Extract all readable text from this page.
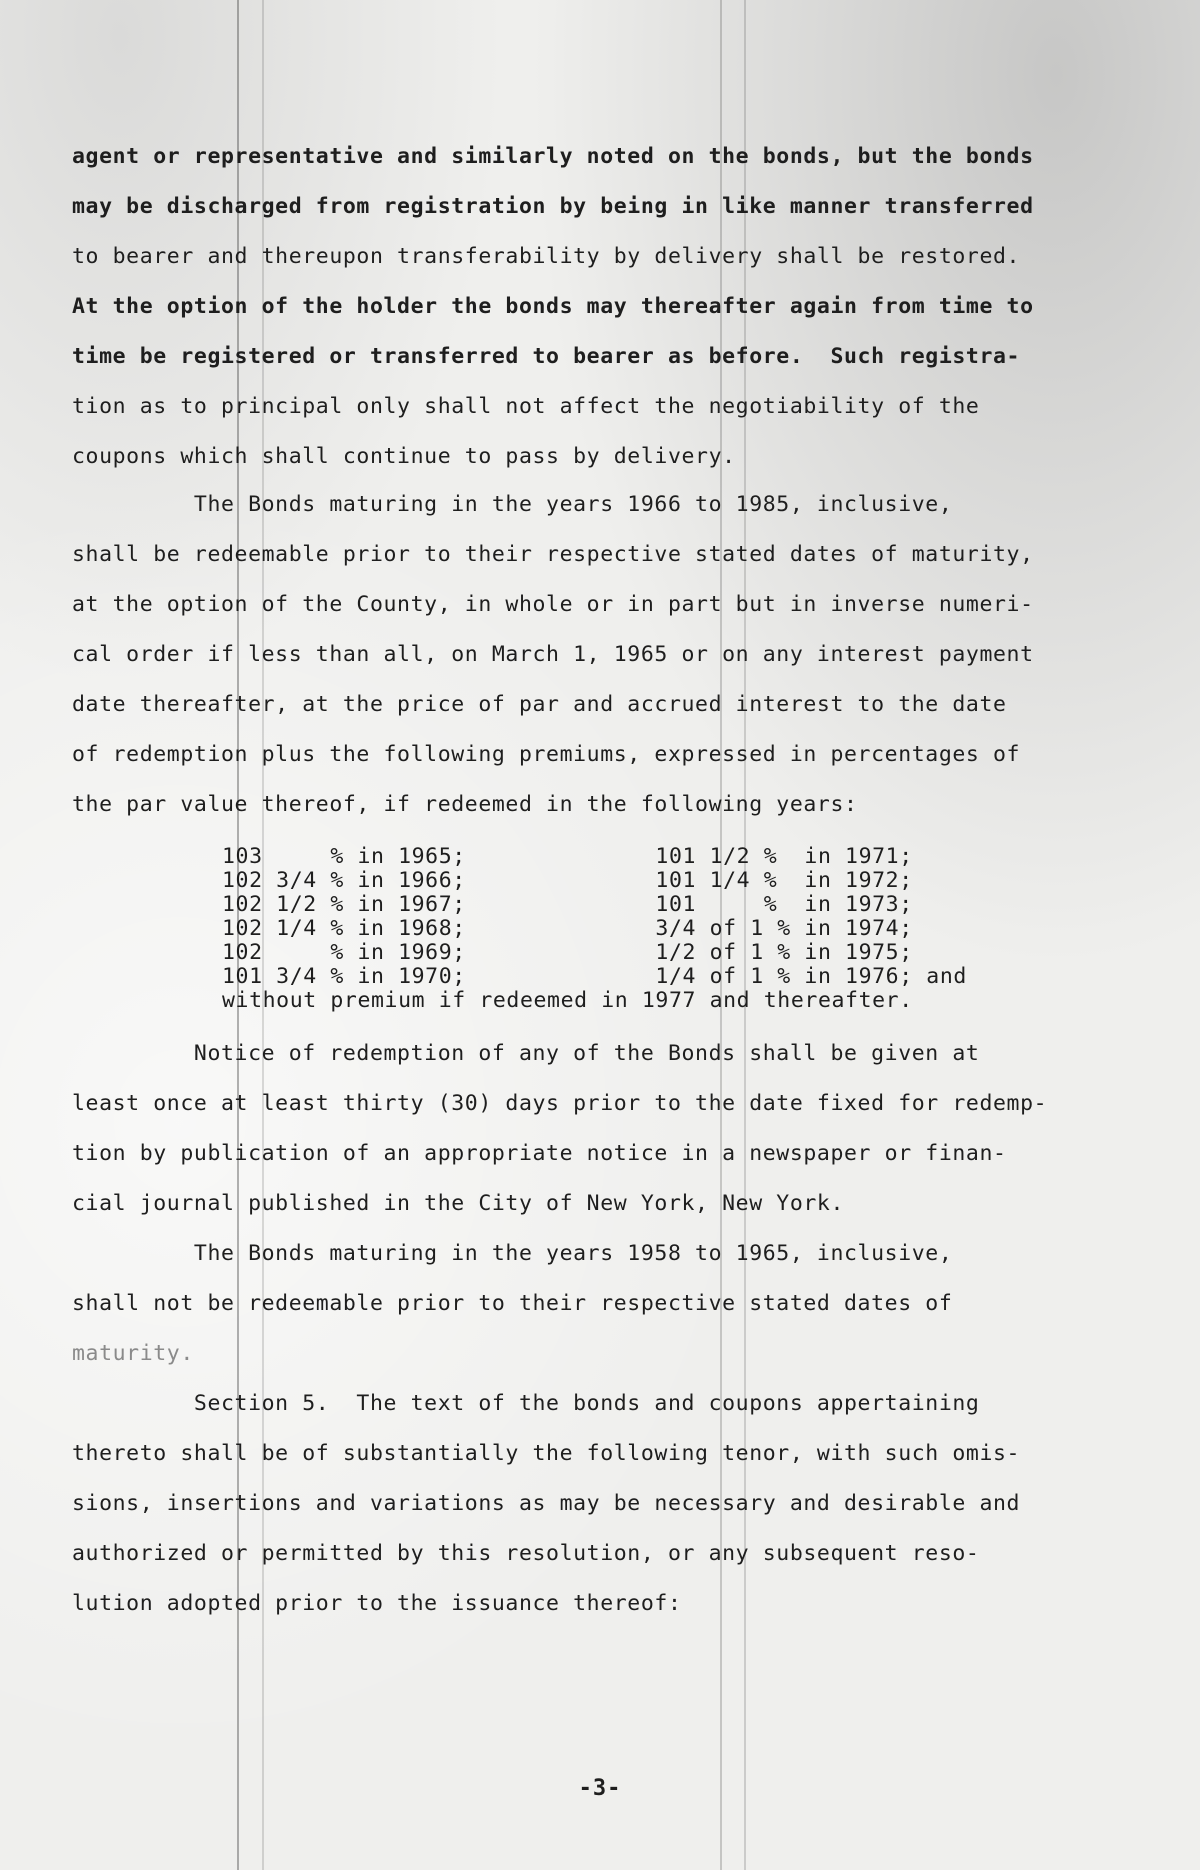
agent or representative and similarly noted on the bonds, but the bonds

may be discharged from registration by being in like manner transferred

to bearer and thereupon transferability by delivery shall be restored.

At the option of the holder the bonds may thereafter again from time to

time be registered or transferred to bearer as before.  Such registra-

tion as to principal only shall not affect the negotiability of the

coupons which shall continue to pass by delivery.

The Bonds maturing in the years 1966 to 1985, inclusive,

shall be redeemable prior to their respective stated dates of maturity,

at the option of the County, in whole or in part but in inverse numeri-

cal order if less than all, on March 1, 1965 or on any interest payment

date thereafter, at the price of par and accrued interest to the date

of redemption plus the following premiums, expressed in percentages of

the par value thereof, if redeemed in the following years:

103     % in 1965;              101 1/2 %  in 1971;
102 3/4 % in 1966;              101 1/4 %  in 1972;
102 1/2 % in 1967;              101     %  in 1973;
102 1/4 % in 1968;              3/4 of 1 % in 1974;
102     % in 1969;              1/2 of 1 % in 1975;
101 3/4 % in 1970;              1/4 of 1 % in 1976; and
without premium if redeemed in 1977 and thereafter.

Notice of redemption of any of the Bonds shall be given at

least once at least thirty (30) days prior to the date fixed for redemp-

tion by publication of an appropriate notice in a newspaper or finan-

cial journal published in the City of New York, New York.

The Bonds maturing in the years 1958 to 1965, inclusive,

shall not be redeemable prior to their respective stated dates of

maturity.

Section 5.  The text of the bonds and coupons appertaining

thereto shall be of substantially the following tenor, with such omis-

sions, insertions and variations as may be necessary and desirable and

authorized or permitted by this resolution, or any subsequent reso-

lution adopted prior to the issuance thereof:

-3-
